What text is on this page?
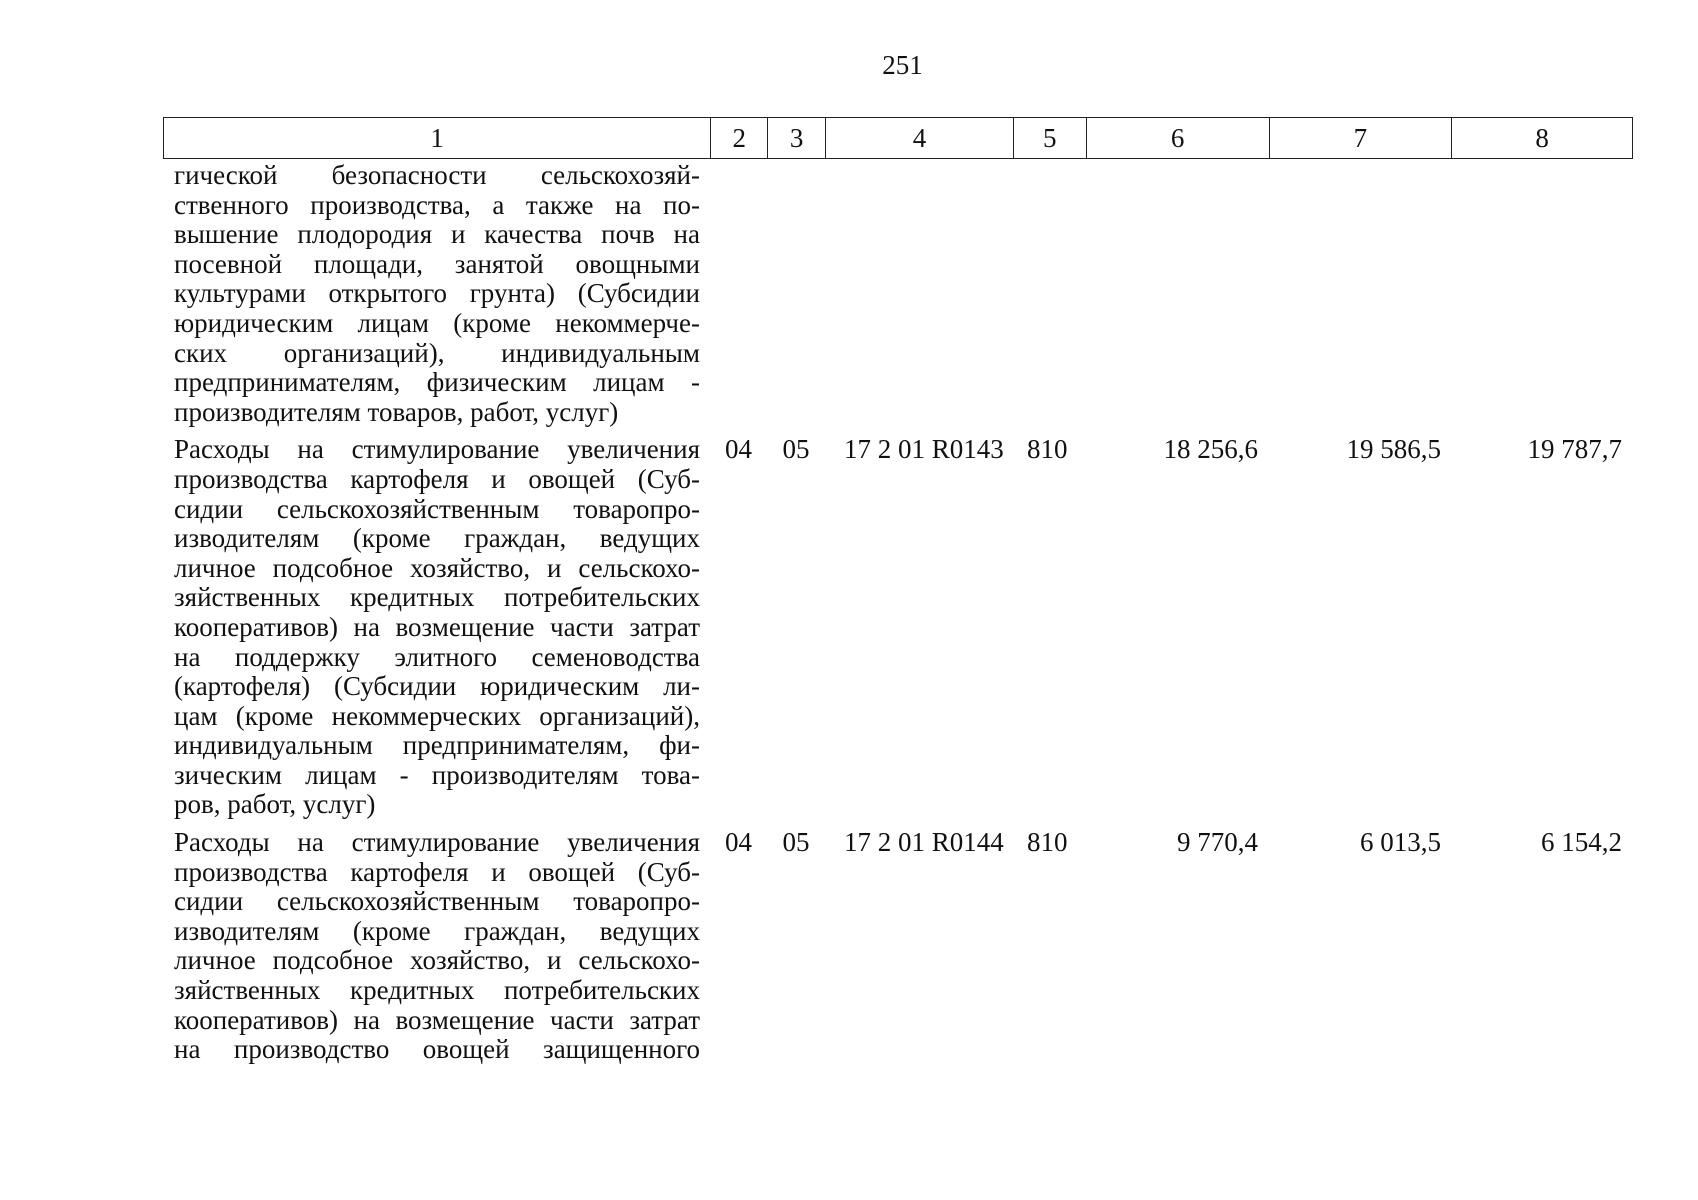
251
1	2	3	4	5	6	7	8
гической безопасности сельскохозяй-
ственного производства, а также на по-
вышение плодородия и качества почв на
посевной площади, занятой овощными
культурами открытого грунта) (Субсидии
юридическим лицам (кроме некоммерче-
ских организаций), индивидуальным
предпринимателям, физическим лицам -
производителям товаров, работ, услуг)
Расходы на стимулирование увеличения
производства картофеля и овощей (Суб-
сидии сельскохозяйственным товаропро-
изводителям (кроме граждан, ведущих
личное подсобное хозяйство, и сельскохо-
зяйственных кредитных потребительских
кооперативов) на возмещение части затрат
на поддержку элитного семеноводства
(картофеля) (Субсидии юридическим ли-
цам (кроме некоммерческих организаций),
индивидуальным предпринимателям, фи-
зическим лицам - производителям това-
ров, работ, услуг)
04	05	17 2 01 R0143 810	18 256,6	19 586,5	19 787,7
Расходы на стимулирование увеличения
производства картофеля и овощей (Суб-
сидии сельскохозяйственным товаропро-
изводителям (кроме граждан, ведущих
личное подсобное хозяйство, и сельскохо-
зяйственных кредитных потребительских
кооперативов) на возмещение части затрат
на производство овощей защищенного
04	05	17 2 01 R0144 810	9 770,4	6 013,5	6 154,2
